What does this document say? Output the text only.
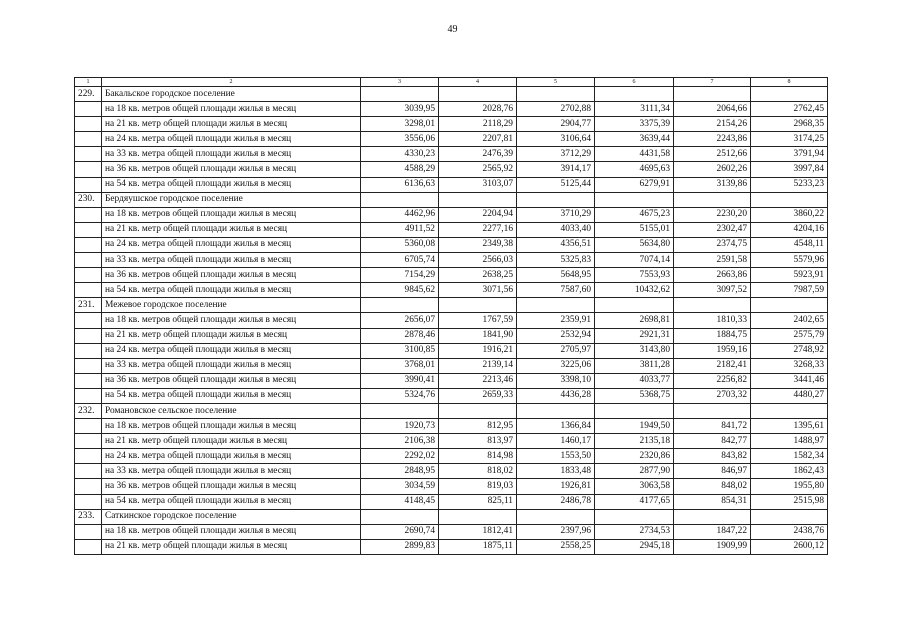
49
1	2	3	4	5	6	7	8
229.	Бакальское городское поселение						
	на 18 кв. метров общей площади жилья в месяц	3039,95	2028,76	2702,88	3111,34	2064,66	2762,45
	на 21 кв. метр общей площади жилья в месяц	3298,01	2118,29	2904,77	3375,39	2154,26	2968,35
	на 24 кв. метра общей площади жилья в месяц	3556,06	2207,81	3106,64	3639,44	2243,86	3174,25
	на 33 кв. метра общей площади жилья в месяц	4330,23	2476,39	3712,29	4431,58	2512,66	3791,94
	на 36 кв. метров общей площади жилья в месяц	4588,29	2565,92	3914,17	4695,63	2602,26	3997,84
	на 54 кв. метра общей площади жилья в месяц	6136,63	3103,07	5125,44	6279,91	3139,86	5233,23
230.	Бердяушское городское поселение						
	на 18 кв. метров общей площади жилья в месяц	4462,96	2204,94	3710,29	4675,23	2230,20	3860,22
	на 21 кв. метр общей площади жилья в месяц	4911,52	2277,16	4033,40	5155,01	2302,47	4204,16
	на 24 кв. метра общей площади жилья в месяц	5360,08	2349,38	4356,51	5634,80	2374,75	4548,11
	на 33 кв. метра общей площади жилья в месяц	6705,74	2566,03	5325,83	7074,14	2591,58	5579,96
	на 36 кв. метров общей площади жилья в месяц	7154,29	2638,25	5648,95	7553,93	2663,86	5923,91
	на 54 кв. метра общей площади жилья в месяц	9845,62	3071,56	7587,60	10432,62	3097,52	7987,59
231.	Межевое городское поселение						
	на 18 кв. метров общей площади жилья в месяц	2656,07	1767,59	2359,91	2698,81	1810,33	2402,65
	на 21 кв. метр общей площади жилья в месяц	2878,46	1841,90	2532,94	2921,31	1884,75	2575,79
	на 24 кв. метра общей площади жилья в месяц	3100,85	1916,21	2705,97	3143,80	1959,16	2748,92
	на 33 кв. метра общей площади жилья в месяц	3768,01	2139,14	3225,06	3811,28	2182,41	3268,33
	на 36 кв. метров общей площади жилья в месяц	3990,41	2213,46	3398,10	4033,77	2256,82	3441,46
	на 54 кв. метра общей площади жилья в месяц	5324,76	2659,33	4436,28	5368,75	2703,32	4480,27
232.	Романовское сельское поселение						
	на 18 кв. метров общей площади жилья в месяц	1920,73	812,95	1366,84	1949,50	841,72	1395,61
	на 21 кв. метр общей площади жилья в месяц	2106,38	813,97	1460,17	2135,18	842,77	1488,97
	на 24 кв. метра общей площади жилья в месяц	2292,02	814,98	1553,50	2320,86	843,82	1582,34
	на 33 кв. метра общей площади жилья в месяц	2848,95	818,02	1833,48	2877,90	846,97	1862,43
	на 36 кв. метров общей площади жилья в месяц	3034,59	819,03	1926,81	3063,58	848,02	1955,80
	на 54 кв. метра общей площади жилья в месяц	4148,45	825,11	2486,78	4177,65	854,31	2515,98
233.	Саткинское городское поселение						
	на 18 кв. метров общей площади жилья в месяц	2690,74	1812,41	2397,96	2734,53	1847,22	2438,76
	на 21 кв. метр общей площади жилья в месяц	2899,83	1875,11	2558,25	2945,18	1909,99	2600,12
